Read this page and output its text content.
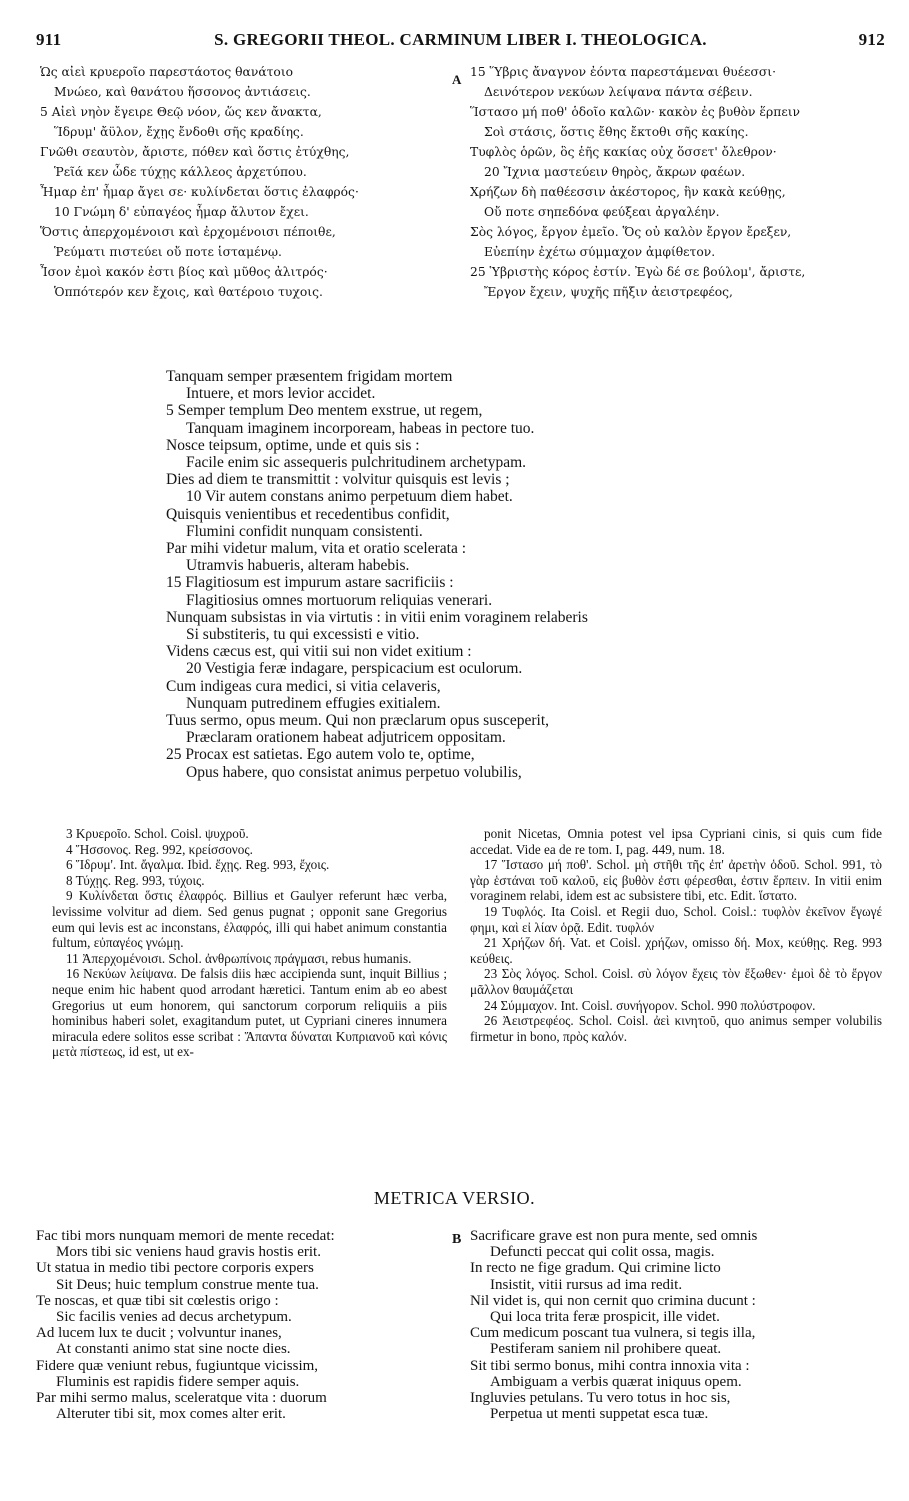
911	S. GREGORII THEOL. CARMINUM LIBER I. THEOLOGICA.	912
Ὡς αἰεὶ κρυεροῖο παρεστάοτος θανάτοιο
Μνώεο, καὶ θανάτου ἥσσονος ἀντιάσεις.
5 Αἰεὶ νηὸν ἔγειρε Θεῷ νόον, ὥς κεν ἄνακτα,
Ἵδρυμ' ἄϋλον, ἔχῃς ἔνδοθι σῆς κραδίης.
Γνῶθι σεαυτὸν, ἄριστε, πόθεν καὶ ὅστις ἐτύχθης,
Ῥεῖά κεν ὧδε τύχῃς κάλλεος ἀρχετύπου.
Ἦμαρ ἐπ' ἦμαρ ἄγει σε· κυλίνδεται ὅστις ἐλαφρός·
10 Γνώμη δ' εὐπαγέος ἦμαρ ἄλυτον ἔχει.
Ὅστις ἀπερχομένοισι καὶ ἐρχομένοισι πέποιθε,
Ῥεύματι πιστεύει οὔ ποτε ἱσταμένῳ.
Ἶσον ἐμοὶ κακόν ἐστι βίος καὶ μῦθος ἀλιτρός·
Ὁππότερόν κεν ἔχοις, καὶ θατέροιο τυχοις.
A 15 Ὕβρις ἄναγνον ἐόντα παρεστάμεναι θυέεσσι·
Δεινότερον νεκύων λείψανα πάντα σέβειν.
Ἵστασο μή ποθ' ὁδοῖο καλῶν· κακὸν ἐς βυθὸν ἕρπειν
Σοὶ στάσις, ὅστις ἔθης ἔκτοθι σῆς κακίης.
Τυφλὸς ὁρῶν, ὃς ἑῆς κακίας οὐχ ὅσσετ' ὄλεθρον·
20 Ἴχνια μαστεύειν θηρὸς, ἄκρων φαέων.
Χρήζων δὴ παθέεσσιν ἀκέστορος, ἣν κακὰ κεύθῃς,
Οὔ ποτε σηπεδόνα φεύξεαι ἀργαλέην.
Σὸς λόγος, ἔργον ἐμεῖο. Ὅς οὐ καλὸν ἔργον ἔρεξεν,
Εὐεπίην ἐχέτω σύμμαχον ἀμφίθετον.
25 Ὑβριστὴς κόρος ἐστίν. Ἐγὼ δέ σε βούλομ', ἄριστε,
Ἔργον ἔχειν, ψυχῆς πῆξιν ἀειστρεφέος,
Tanquam semper præsentem frigidam mortem
Intuere, et mors levior accidet.
5 Semper templum Deo mentem exstrue, ut regem,
Tanquam imaginem incorpoream, habeas in pectore tuo.
Nosce teipsum, optime, unde et quis sis :
Facile enim sic assequeris pulchritudinem archetypam.
Dies ad diem te transmittit : volvitur quisquis est levis ;
10 Vir autem constans animo perpetuum diem habet.
Quisquis venientibus et recedentibus confidit,
Flumini confidit nunquam consistenti.
Par mihi videtur malum, vita et oratio scelerata :
Utramvis habueris, alteram habebis.
15 Flagitiosum est impurum astare sacrificiis :
Flagitiosius omnes mortuorum reliquias venerari.
Nunquam subsistas in via virtutis : in vitii enim voraginem relaberis
Si substiteris, tu qui excessisti e vitio.
Videns cæcus est, qui vitii sui non videt exitium :
20 Vestigia feræ indagare, perspicacium est oculorum.
Cum indigeas cura medici, si vitia celaveris,
Nunquam putredinem effugies exitialem.
Tuus sermo, opus meum. Qui non præclarum opus susceperit,
Præclaram orationem habeat adjutricem oppositam.
25 Procax est satietas. Ego autem volo te, optime,
Opus habere, quo consistat animus perpetuo volubilis,

3 Κρυεροῖο. Schol. Coisl. ψυχροῦ.

4 Ἥσσονος. Reg. 992, κρείσσονος.

6 Ἵδρυμ'. Int. ἄγαλμα. Ibid. ἔχῃς. Reg. 993, ἔχοις.

8 Τύχῃς. Reg. 993, τύχοις.

9 Κυλίνδεται ὅστις ἐλαφρός. Billius et Gaulyer referunt hæc verba, levissime volvitur ad diem. Sed genus pugnat ; opponit sane Gregorius eum qui levis est ac inconstans, ἐλαφρός, illi qui habet animum constantia fultum, εὐπαγέος γνώμῃ.

11 Ἀπερχομένοισι. Schol. ἀνθρωπίνοις πράγμασι, rebus humanis.

16 Νεκύων λείψανα. De falsis diis hæc accipienda sunt, inquit Billius ; neque enim hic habent quod arrodant hæretici. Tantum enim ab eo abest Gregorius ut eum honorem, qui sanctorum corporum reliquiis a piis hominibus haberi solet, exagitandum putet, ut Cypriani cineres innumera miracula edere solitos esse scribat : Ἅπαντα δύναται Κυπριανοῦ καὶ κόνις μετὰ πίστεως, id est, ut ex-

ponit Nicetas, Omnia potest vel ipsa Cypriani cinis, si quis cum fide accedat. Vide ea de re tom. I, pag. 449, num. 18.

17 Ἵστασο μή ποθ'. Schol. μὴ στῆθι τῆς ἐπ' ἀρετὴν ὁδοῦ. Schol. 991, τὸ γὰρ ἑστάναι τοῦ καλοῦ, εἰς βυθὸν ἐστι φέρεσθαι, ἐστιν ἕρπειν. In vitii enim voraginem relabi, idem est ac subsistere tibi, etc. Edit. ἵστατο.

19 Τυφλός. Ita Coisl. et Regii duo, Schol. Coisl.: τυφλὸν ἐκεῖνον ἔγωγέ φημι, καὶ εἰ λίαν ὁρᾷ. Edit. τυφλόν

21 Χρήζων δή. Vat. et Coisl. χρήζων, omisso δή. Mox, κεύθῃς. Reg. 993 κεύθεις.

23 Σὸς λόγος. Schol. Coisl. σὺ λόγον ἔχεις τὸν ἔξωθεν· ἐμοὶ δὲ τὸ ἔργον μᾶλλον θαυμάζεται

24 Σύμμαχον. Int. Coisl. συνήγορον. Schol. 990 πολύστροφον.

26 Ἀειστρεφέος. Schol. Coisl. ἀεὶ κινητοῦ, quo animus semper volubilis firmetur in bono, πρὸς καλόν.

METRICA VERSIO.
Fac tibi mors nunquam memori de mente recedat:
Mors tibi sic veniens haud gravis hostis erit.
Ut statua in medio tibi pectore corporis expers
Sit Deus; huic templum construe mente tua.
Te noscas, et quæ tibi sit cœlestis origo :
Sic facilis venies ad decus archetypum.
Ad lucem lux te ducit ; volvuntur inanes,
At constanti animo stat sine nocte dies.
Fidere quæ veniunt rebus, fugiuntque vicissim,
Fluminis est rapidis fidere semper aquis.
Par mihi sermo malus, sceleratque vita : duorum
Alteruter tibi sit, mox comes alter erit.
B Sacrificare grave est non pura mente, sed omnis
Defuncti peccat qui colit ossa, magis.
In recto ne fige gradum. Qui crimine licto
Insistit, vitii rursus ad ima redit.
Nil videt is, qui non cernit quo crimina ducunt :
Qui loca trita feræ prospicit, ille videt.
Cum medicum poscant tua vulnera, si tegis illa,
Pestiferam saniem nil prohibere queat.
Sit tibi sermo bonus, mihi contra innoxia vita :
Ambiguam a verbis quærat iniquus opem.
Ingluvies petulans. Tu vero totus in hoc sis,
Perpetua ut menti suppetat esca tuæ.
